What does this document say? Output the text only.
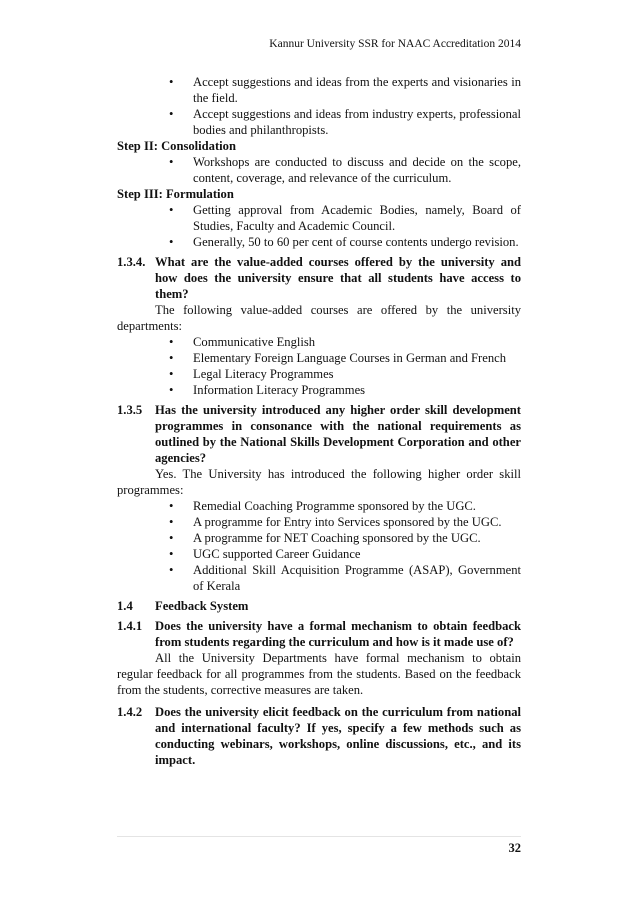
Kannur University SSR for NAAC Accreditation 2014
• Accept suggestions and ideas from the experts and visionaries in the field.
• Accept suggestions and ideas from industry experts, professional bodies and philanthropists.

Step II: Consolidation

• Workshops are conducted to discuss and decide on the scope, content, coverage, and relevance of the curriculum.

Step III: Formulation

• Getting approval from Academic Bodies, namely, Board of Studies, Faculty and Academic Council.
• Generally, 50 to 60 per cent of course contents undergo revision.
1.3.4. What are the value-added courses offered by the university and how does the university ensure that all students have access to them?

The following value-added courses are offered by the university departments:

• Communicative English
• Elementary Foreign Language Courses in German and French
• Legal Literacy Programmes
• Information Literacy Programmes
1.3.5	Has the university introduced any higher order skill development programmes in consonance with the national requirements as outlined by the National Skills Development Corporation and other agencies?

Yes. The University has introduced the following higher order skill programmes:

• Remedial Coaching Programme sponsored by the UGC.
• A programme for Entry into Services sponsored by the UGC.
• A programme for NET Coaching sponsored by the UGC.
• UGC supported Career Guidance
• Additional Skill Acquisition Programme (ASAP), Government of Kerala
1.4	Feedback System
1.4.1	Does the university have a formal mechanism to obtain feedback from students regarding the curriculum and how is it made use of?

All the University Departments have formal mechanism to obtain regular feedback for all programmes from the students. Based on the feedback from the students, corrective measures are taken.

1.4.2	Does the university elicit feedback on the curriculum from national and international faculty? If yes, specify a few methods such as conducting webinars, workshops, online discussions, etc., and its impact.
32
